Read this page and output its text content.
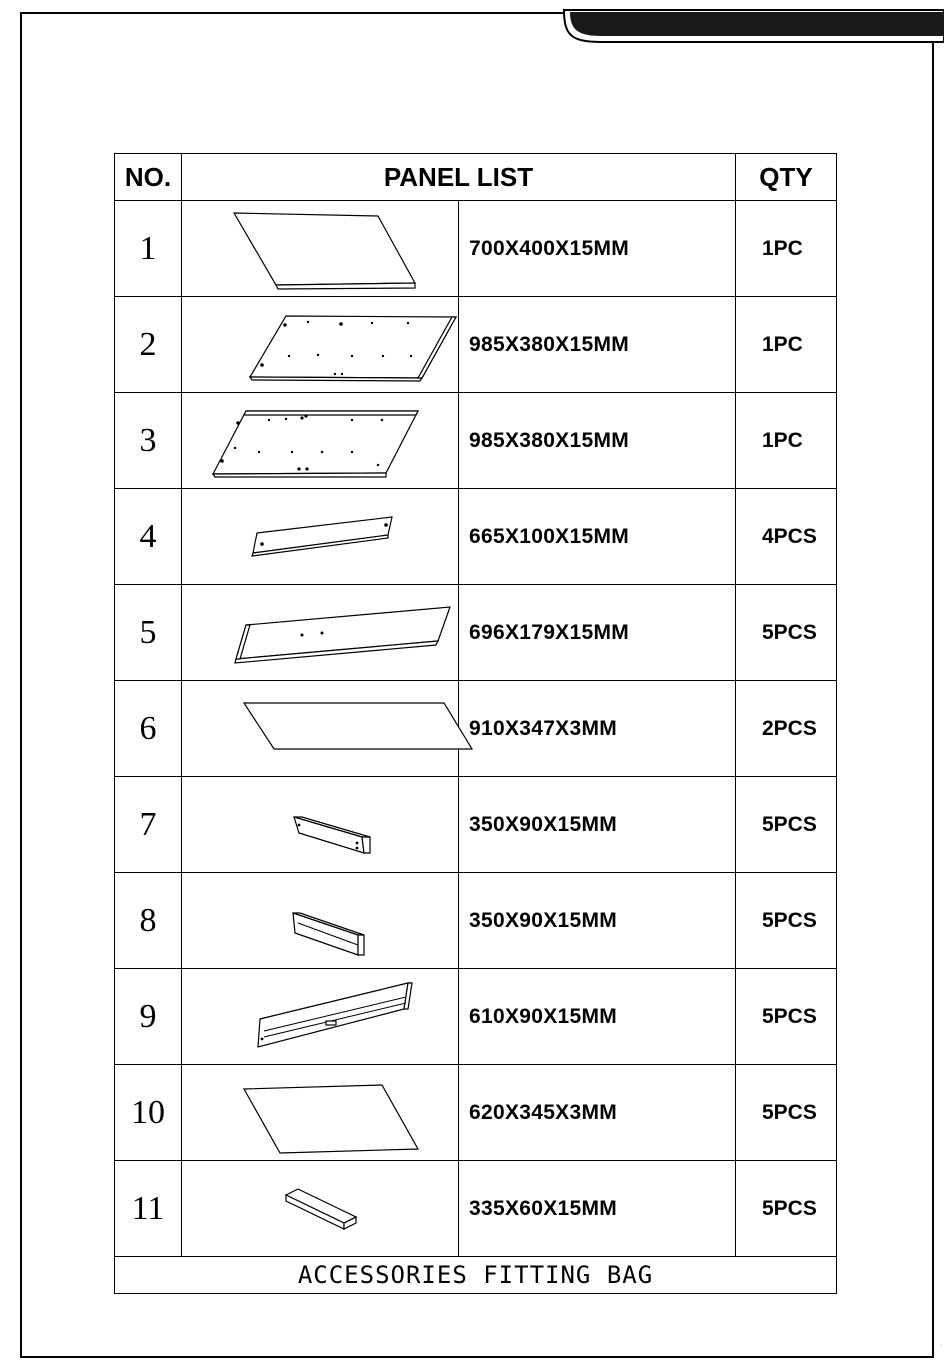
NO.	PANEL LIST		QTY
1		700X400X15MM	1PC
2		985X380X15MM	1PC
3		985X380X15MM	1PC
4		665X100X15MM	4PCS
5		696X179X15MM	5PCS
6		910X347X3MM	2PCS
7		350X90X15MM	5PCS
8		350X90X15MM	5PCS
9		610X90X15MM	5PCS
10		620X345X3MM	5PCS
11		335X60X15MM	5PCS
ACCESSORIES FITTING BAG			
·
